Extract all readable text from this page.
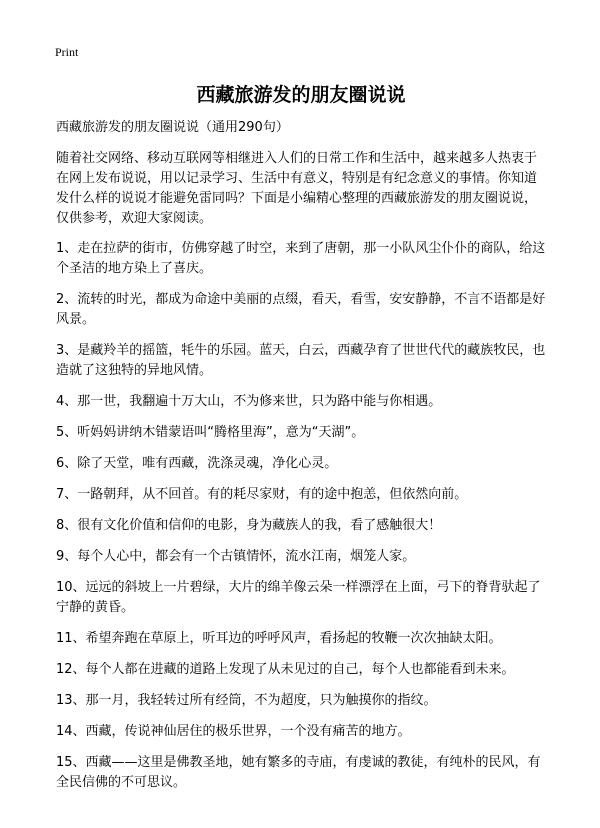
Print
西藏旅游发的朋友圈说说
西藏旅游发的朋友圈说说（通用290句）
随着社交网络、移动互联网等相继进入人们的日常工作和生活中，越来越多人热衷于在网上发布说说，用以记录学习、生活中有意义，特别是有纪念意义的事情。你知道发什么样的说说才能避免雷同吗？下面是小编精心整理的西藏旅游发的朋友圈说说，仅供参考，欢迎大家阅读。
1、走在拉萨的街市，仿佛穿越了时空，来到了唐朝，那一小队风尘仆仆的商队，给这个圣洁的地方染上了喜庆。
2、流转的时光，都成为命途中美丽的点缀，看天，看雪，安安静静，不言不语都是好风景。
3、是藏羚羊的摇篮，牦牛的乐园。蓝天，白云，西藏孕育了世世代代的藏族牧民，也造就了这独特的异地风情。
4、那一世，我翻遍十万大山，不为修来世，只为路中能与你相遇。
5、听妈妈讲纳木错蒙语叫“腾格里海”，意为“天湖”。
6、除了天堂，唯有西藏，洗涤灵魂，净化心灵。
7、一路朝拜，从不回首。有的耗尽家财，有的途中抱恙，但依然向前。
8、很有文化价值和信仰的电影，身为藏族人的我，看了感触很大！
9、每个人心中，都会有一个古镇情怀，流水江南，烟笼人家。
10、远远的斜坡上一片碧绿，大片的绵羊像云朵一样漂浮在上面，弓下的脊背驮起了宁静的黄昏。
11、希望奔跑在草原上，听耳边的呼呼风声，看扬起的牧鞭一次次抽缺太阳。
12、每个人都在进藏的道路上发现了从未见过的自己，每个人也都能看到未来。
13、那一月，我轻转过所有经筒，不为超度，只为触摸你的指纹。
14、西藏，传说神仙居住的极乐世界，一个没有痛苦的地方。
15、西藏——这里是佛教圣地，她有繁多的寺庙，有虔诚的教徒，有纯朴的民风，有全民信佛的不可思议。
